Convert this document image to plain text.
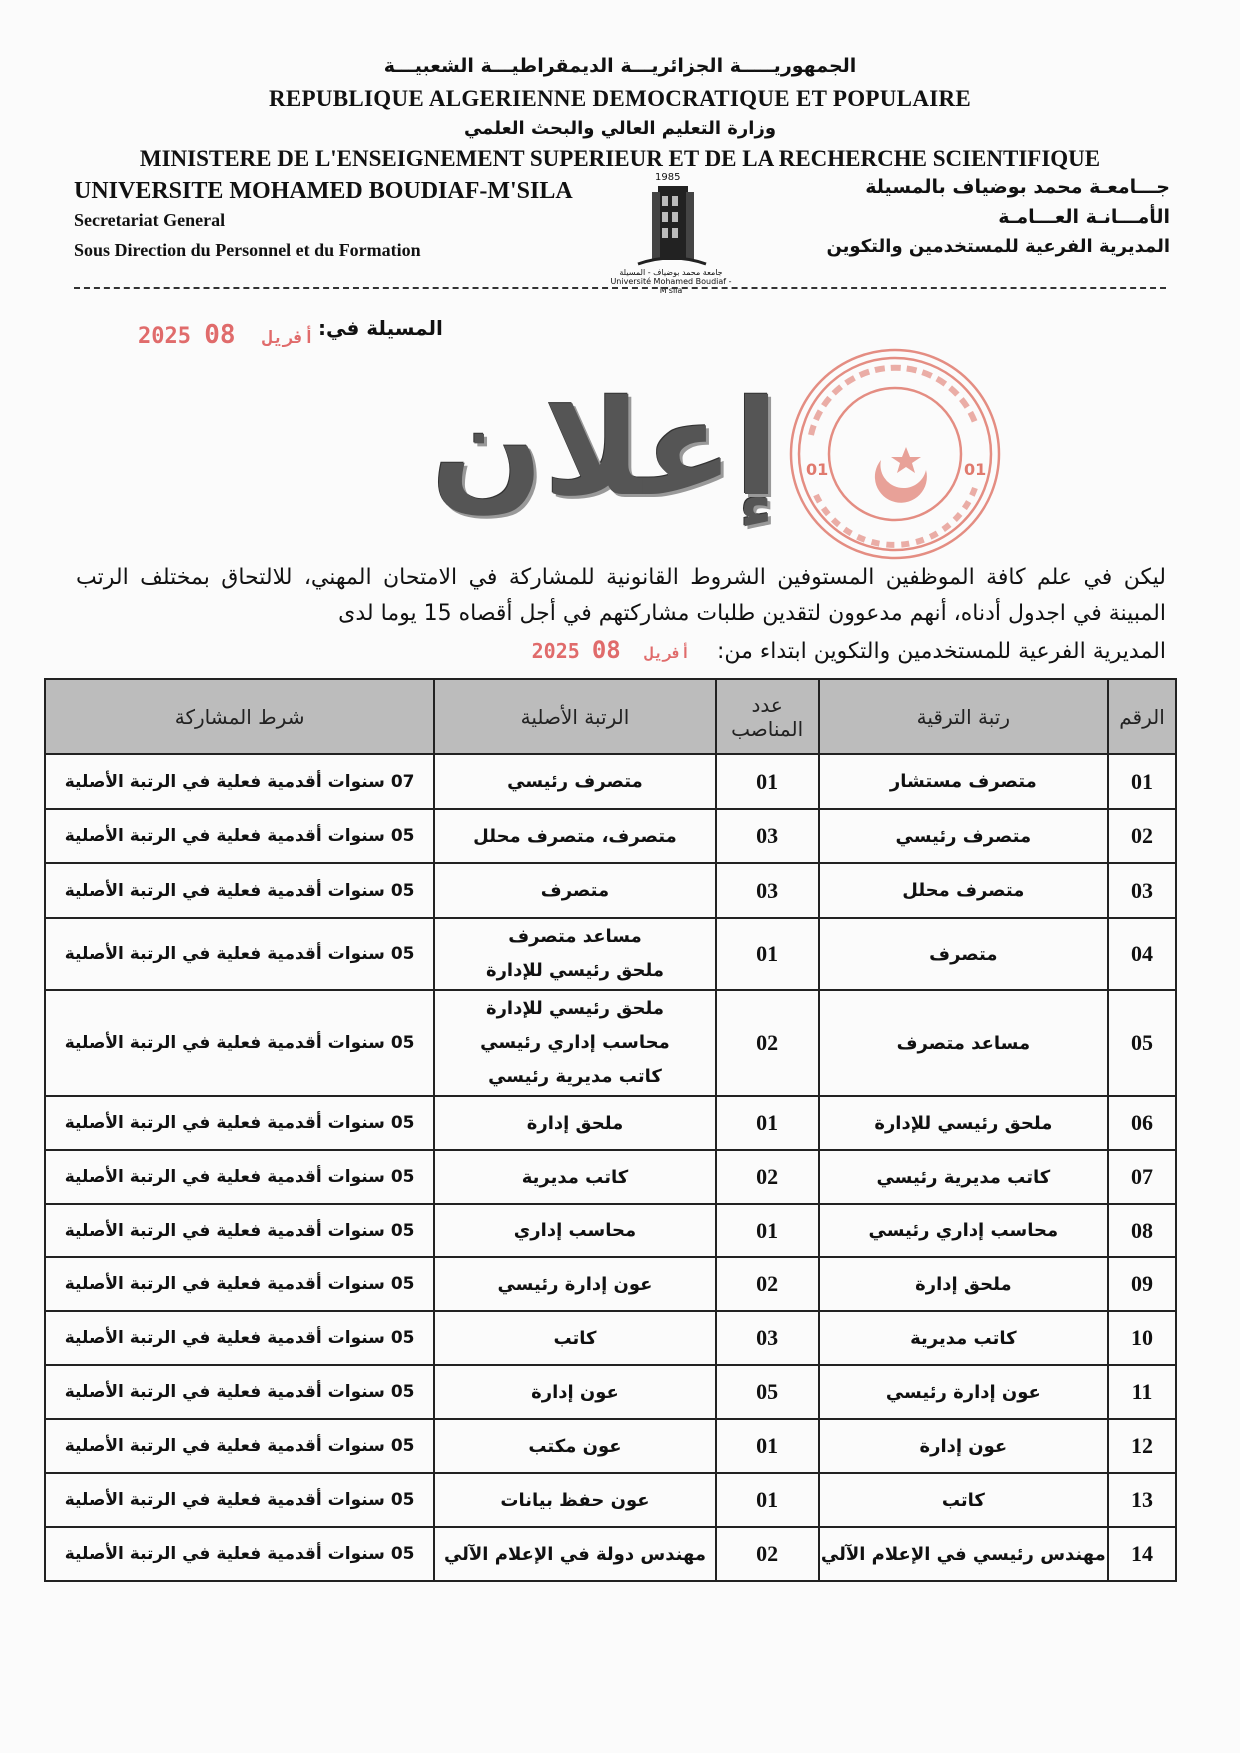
الجمهوريـــــة الجزائريـــة الديمقراطيـــة الشعبيـــة
REPUBLIQUE ALGERIENNE DEMOCRATIQUE ET POPULAIRE
وزارة التعليم العالي والبحث العلمي
MINISTERE DE L'ENSEIGNEMENT SUPERIEUR ET DE LA RECHERCHE SCIENTIFIQUE
UNIVERSITE MOHAMED BOUDIAF-M'SILA
Secretariat General
Sous Direction du Personnel et du Formation
جـــامعـة محمد بوضياف بالمسيلة
الأمـــانـة العـــامـة
المديرية الفرعية للمستخدمين والتكوين
1985
جامعة محمد بوضياف - المسيلة
Université Mohamed Boudiaf - M'sila
المسيلة في:
2025	أفريل 08
01	01
إعلان
ليكن في علم كافة الموظفين المستوفين الشروط القانونية للمشاركة في الامتحان المهني، للالتحاق بمختلف الرتب المبينة في اجدول أدناه، أنهم مدعوون لتقدين طلبات مشاركتهم في أجل أقصاه 15 يوما لدى
المديرية الفرعية للمستخدمين والتكوين ابتداء من: 2025	أفريل 08
الرقم	رتبة الترقية	عدد المناصب	الرتبة الأصلية	شرط المشاركة
01	متصرف مستشار	01	متصرف رئيسي	07 سنوات أقدمية فعلية في الرتبة الأصلية
02	متصرف رئيسي	03	متصرف، متصرف محلل	05 سنوات أقدمية فعلية في الرتبة الأصلية
03	متصرف محلل	03	متصرف	05 سنوات أقدمية فعلية في الرتبة الأصلية
04	متصرف	01	مساعد متصرف
ملحق رئيسي للإدارة	05 سنوات أقدمية فعلية في الرتبة الأصلية
05	مساعد متصرف	02	ملحق رئيسي للإدارة
محاسب إداري رئيسي
كاتب مديرية رئيسي	05 سنوات أقدمية فعلية في الرتبة الأصلية
06	ملحق رئيسي للإدارة	01	ملحق إدارة	05 سنوات أقدمية فعلية في الرتبة الأصلية
07	كاتب مديرية رئيسي	02	كاتب مديرية	05 سنوات أقدمية فعلية في الرتبة الأصلية
08	محاسب إداري رئيسي	01	محاسب إداري	05 سنوات أقدمية فعلية في الرتبة الأصلية
09	ملحق إدارة	02	عون إدارة رئيسي	05 سنوات أقدمية فعلية في الرتبة الأصلية
10	كاتب مديرية	03	كاتب	05 سنوات أقدمية فعلية في الرتبة الأصلية
11	عون إدارة رئيسي	05	عون إدارة	05 سنوات أقدمية فعلية في الرتبة الأصلية
12	عون إدارة	01	عون مكتب	05 سنوات أقدمية فعلية في الرتبة الأصلية
13	كاتب	01	عون حفظ بيانات	05 سنوات أقدمية فعلية في الرتبة الأصلية
14	مهندس رئيسي في الإعلام الآلي	02	مهندس دولة في الإعلام الآلي	05 سنوات أقدمية فعلية في الرتبة الأصلية
